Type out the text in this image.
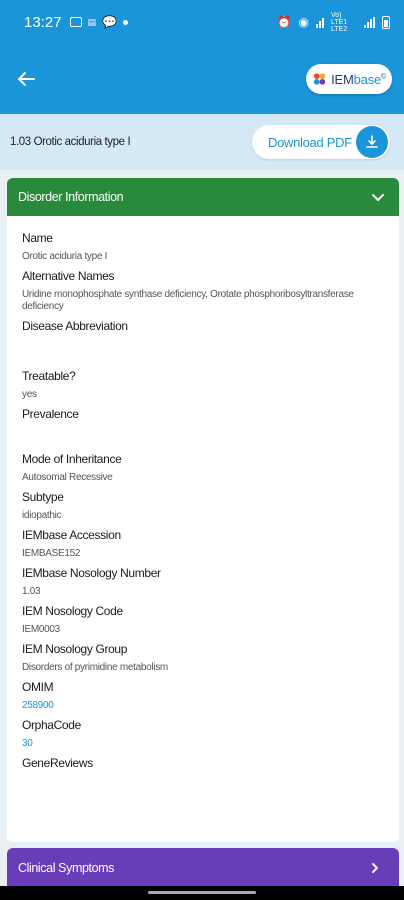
13:27	▤ 💬	⏰ ◉	Vo) LTE1 LTE2
IEMbase©
1.03 Orotic aciduria type I	Download PDF
Disorder Information
Name
Orotic aciduria type I
Alternative Names
Uridine monophosphate synthase deficiency, Orotate phosphoribosyltransferase deficiency
Disease Abbreviation
Treatable?
yes
Prevalence
Mode of Inheritance
Autosomal Recessive
Subtype
idiopathic
IEMbase Accession
IEMBASE152
IEMbase Nosology Number
1.03
IEM Nosology Code
IEM0003
IEM Nosology Group
Disorders of pyrimidine metabolism
OMIM
258900
OrphaCode
30
GeneReviews
Clinical Symptoms
